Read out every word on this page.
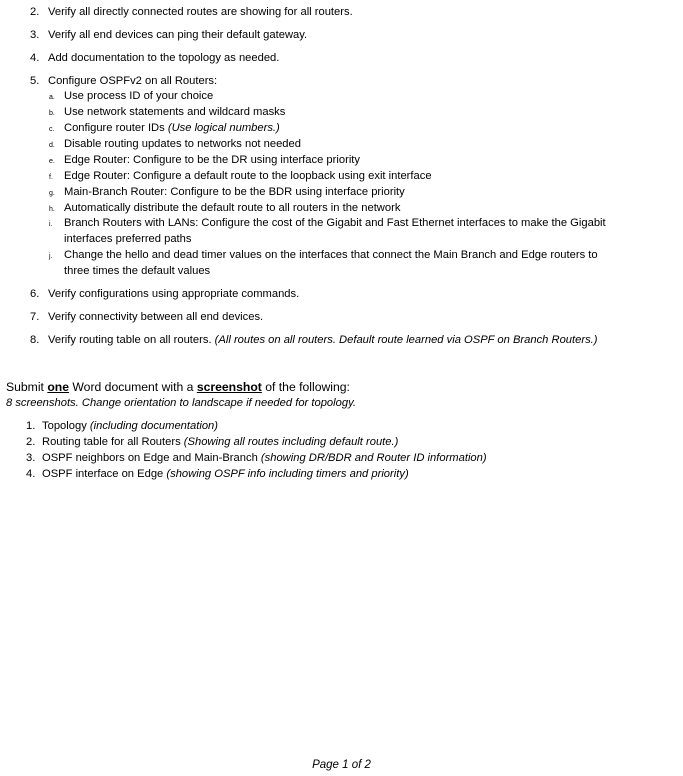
2. Verify all directly connected routes are showing for all routers.
3. Verify all end devices can ping their default gateway.
4. Add documentation to the topology as needed.
5. Configure OSPFv2 on all Routers:
a. Use process ID of your choice
b. Use network statements and wildcard masks
c. Configure router IDs (Use logical numbers.)
d. Disable routing updates to networks not needed
e. Edge Router: Configure to be the DR using interface priority
f. Edge Router: Configure a default route to the loopback using exit interface
g. Main-Branch Router: Configure to be the BDR using interface priority
h. Automatically distribute the default route to all routers in the network
i. Branch Routers with LANs: Configure the cost of the Gigabit and Fast Ethernet interfaces to make the Gigabit
interfaces preferred paths
j. Change the hello and dead timer values on the interfaces that connect the Main Branch and Edge routers to
three times the default values
6. Verify configurations using appropriate commands.
7. Verify connectivity between all end devices.
8. Verify routing table on all routers. (All routes on all routers. Default route learned via OSPF on Branch Routers.)
Submit one Word document with a screenshot of the following:
8 screenshots. Change orientation to landscape if needed for topology.
1. Topology (including documentation)
2. Routing table for all Routers (Showing all routes including default route.)
3. OSPF neighbors on Edge and Main-Branch (showing DR/BDR and Router ID information)
4. OSPF interface on Edge (showing OSPF info including timers and priority)
Page 1 of 2
